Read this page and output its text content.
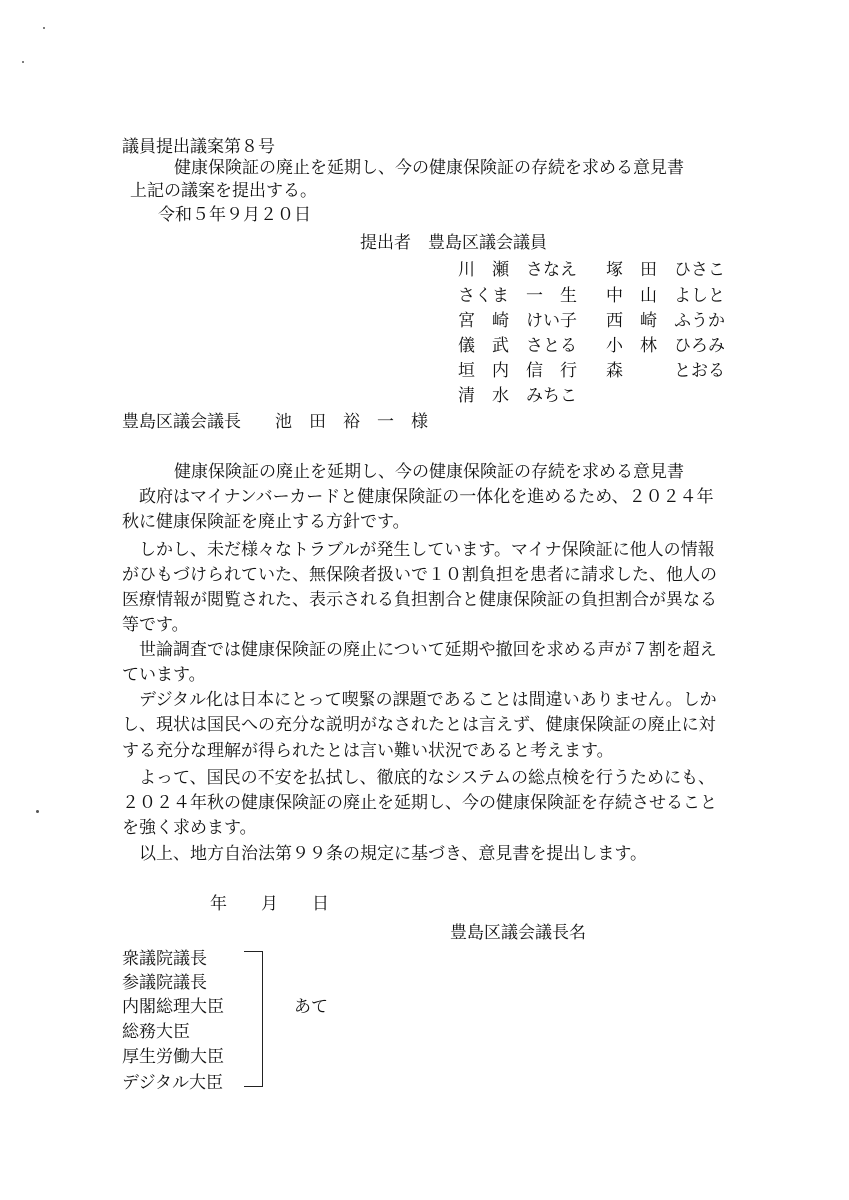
議員提出議案第８号
健康保険証の廃止を延期し、今の健康保険証の存続を求める意見書
上記の議案を提出する。
令和５年９月２０日
提出者　豊島区議会議員
川　瀬　さなえ 塚　田　ひさこ
さくま　一　生 中　山　よしと
宮　崎　けい子 西　崎　ふうか
儀　武　さとる 小　林　ひろみ
垣　内　信　行 森　　　とおる
清　水　みちこ
豊島区議会議長　　池　田　裕　一　様
健康保険証の廃止を延期し、今の健康保険証の存続を求める意見書
　政府はマイナンバーカードと健康保険証の一体化を進めるため、２０２４年
秋に健康保険証を廃止する方針です。
　しかし、未だ様々なトラブルが発生しています。マイナ保険証に他人の情報
がひもづけられていた、無保険者扱いで１０割負担を患者に請求した、他人の
医療情報が閲覧された、表示される負担割合と健康保険証の負担割合が異なる
等です。
　世論調査では健康保険証の廃止について延期や撤回を求める声が７割を超え
ています。
　デジタル化は日本にとって喫緊の課題であることは間違いありません。しか
し、現状は国民への充分な説明がなされたとは言えず、健康保険証の廃止に対
する充分な理解が得られたとは言い難い状況であると考えます。
　よって、国民の不安を払拭し、徹底的なシステムの総点検を行うためにも、
２０２４年秋の健康保険証の廃止を延期し、今の健康保険証を存続させること
を強く求めます。
　以上、地方自治法第９９条の規定に基づき、意見書を提出します。
年　　月　　日
豊島区議会議長名
衆議院議長
参議院議長
内閣総理大臣
総務大臣
厚生労働大臣
デジタル大臣
あて
